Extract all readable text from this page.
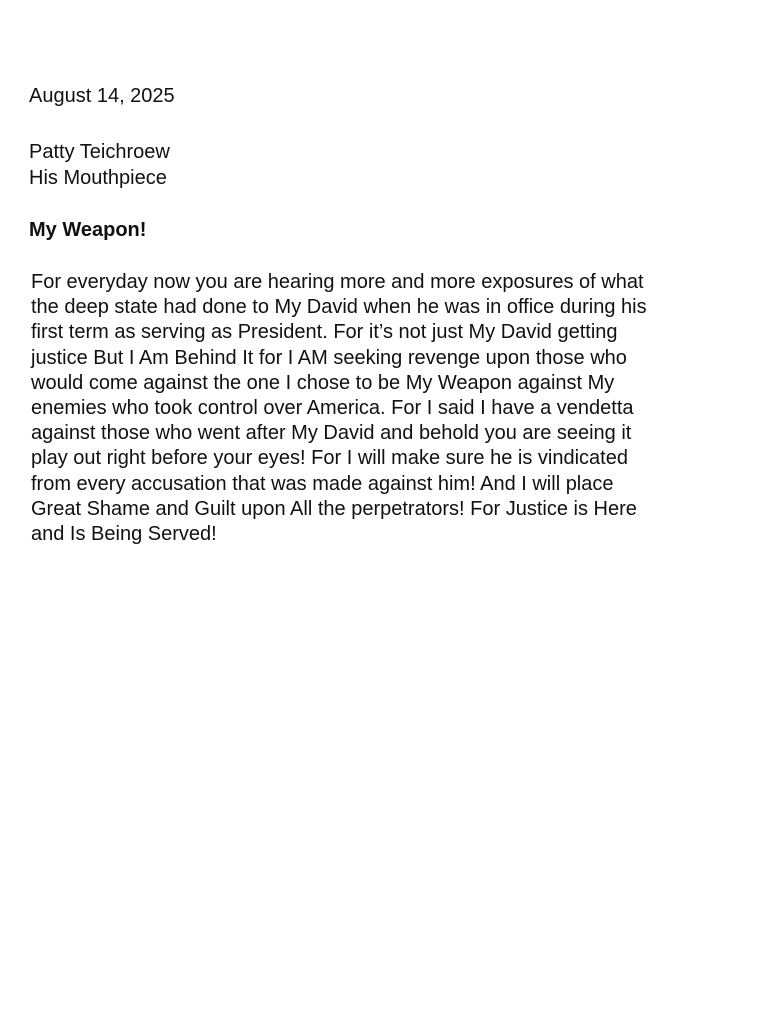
August 14, 2025
Patty Teichroew
His Mouthpiece
My Weapon!
For everyday now you are hearing more and more exposures of what
the deep state had done to My David when he was in office during his
first term as serving as President. For it’s not just My David getting
justice But I Am Behind It for I AM seeking revenge upon those who
would come against the one I chose to be My Weapon against My
enemies who took control over America. For I said I have a vendetta
against those who went after My David and behold you are seeing it
play out right before your eyes! For I will make sure he is vindicated
from every accusation that was made against him! And I will place
Great Shame and Guilt upon All the perpetrators! For Justice is Here
and Is Being Served!
